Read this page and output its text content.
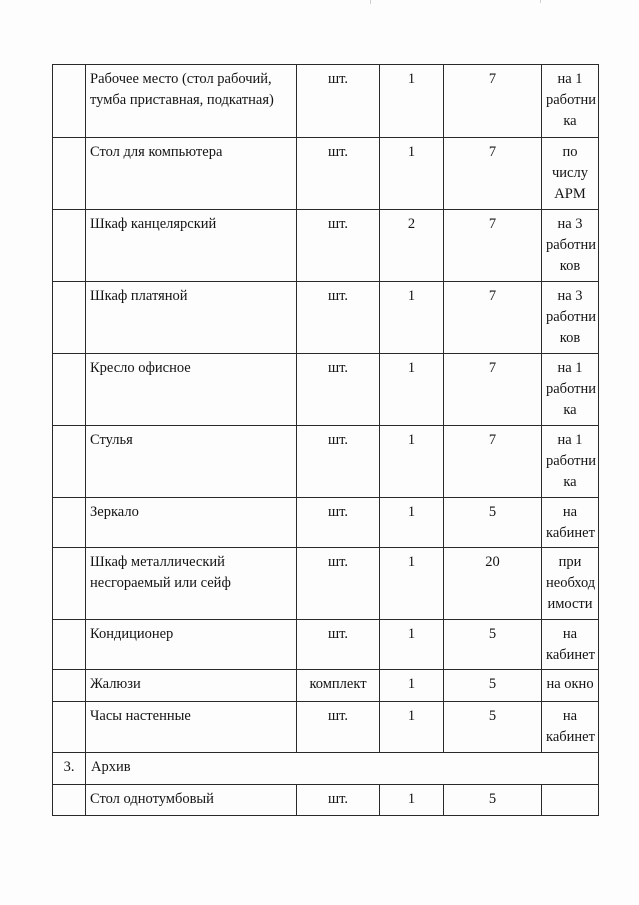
	Рабочее место (стол рабочий, тумба приставная, подкатная)	шт.	1	7	на 1 работни ка
	Стол для компьютера	шт.	1	7	по числу АРМ
	Шкаф канцелярский	шт.	2	7	на 3 работни ков
	Шкаф платяной	шт.	1	7	на 3 работни ков
	Кресло офисное	шт.	1	7	на 1 работни ка
	Стулья	шт.	1	7	на 1 работни ка
	Зеркало	шт.	1	5	на кабинет
	Шкаф металлический несгораемый или сейф	шт.	1	20	при необход имости
	Кондиционер	шт.	1	5	на кабинет
	Жалюзи	комплект	1	5	на окно
	Часы настенные	шт.	1	5	на кабинет
3.	Архив				
	Стол однотумбовый	шт.	1	5	
